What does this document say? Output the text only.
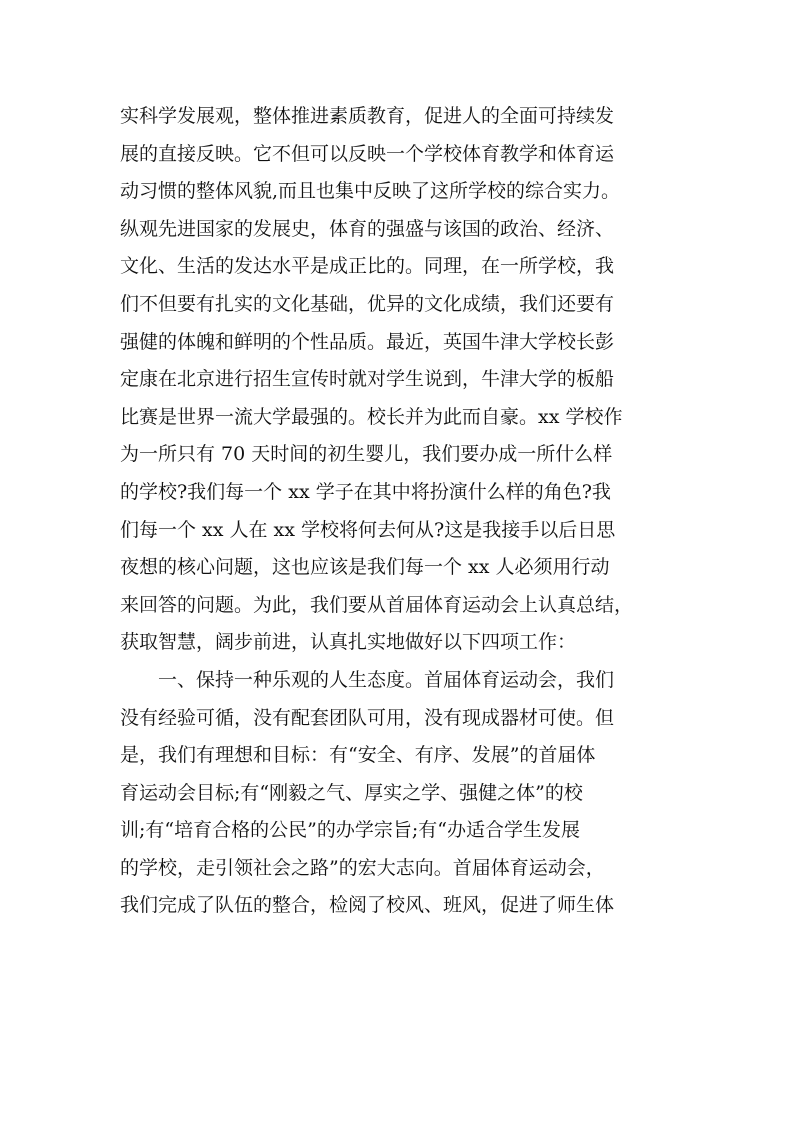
实科学发展观，整体推进素质教育，促进人的全面可持续发
展的直接反映。它不但可以反映一个学校体育教学和体育运
动习惯的整体风貌,而且也集中反映了这所学校的综合实力。
纵观先进国家的发展史，体育的强盛与该国的政治、经济、
文化、生活的发达水平是成正比的。同理，在一所学校，我
们不但要有扎实的文化基础，优异的文化成绩，我们还要有
强健的体魄和鲜明的个性品质。最近，英国牛津大学校长彭
定康在北京进行招生宣传时就对学生说到，牛津大学的板船
比赛是世界一流大学最强的。校长并为此而自豪。xx 学校作
为一所只有 70 天时间的初生婴儿，我们要办成一所什么样
的学校?我们每一个 xx 学子在其中将扮演什么样的角色?我
们每一个 xx 人在 xx 学校将何去何从?这是我接手以后日思
夜想的核心问题，这也应该是我们每一个 xx 人必须用行动
来回答的问题。为此，我们要从首届体育运动会上认真总结，
获取智慧，阔步前进，认真扎实地做好以下四项工作：
一、保持一种乐观的人生态度。首届体育运动会，我们
没有经验可循，没有配套团队可用，没有现成器材可使。但
是，我们有理想和目标：有“安全、有序、发展”的首届体
育运动会目标;有“刚毅之气、厚实之学、强健之体”的校
训;有“培育合格的公民”的办学宗旨;有“办适合学生发展
的学校，走引领社会之路”的宏大志向。首届体育运动会，
我们完成了队伍的整合，检阅了校风、班风，促进了师生体
